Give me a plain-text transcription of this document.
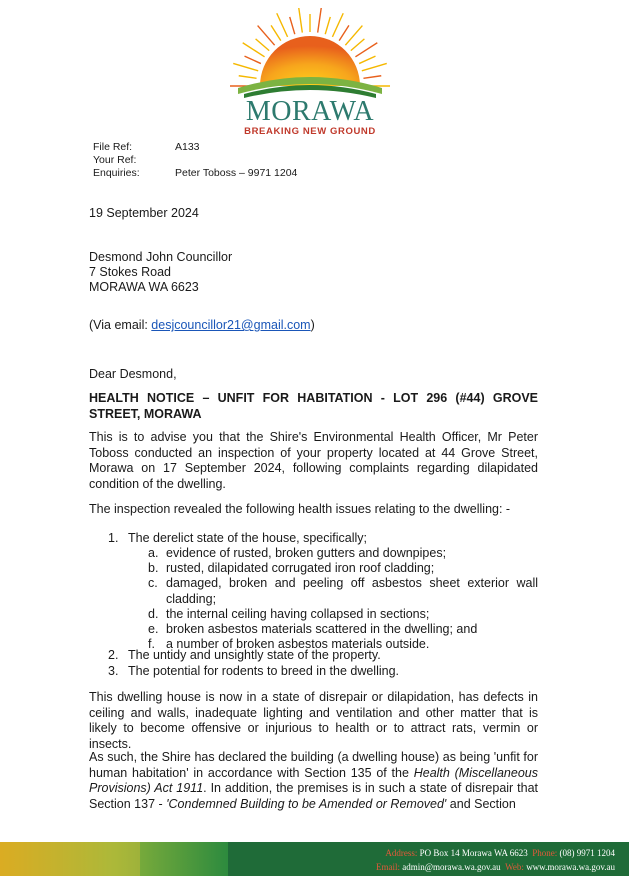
MORAWA
BREAKING NEW GROUND
File Ref:	A133
Your Ref:
Enquiries:	Peter Toboss – 9971 1204
19 September 2024
Desmond John Councillor
7 Stokes Road
MORAWA WA 6623
(Via email: desjcouncillor21@gmail.com)
Dear Desmond,
HEALTH NOTICE – UNFIT FOR HABITATION - LOT 296 (#44) GROVE STREET, MORAWA
This is to advise you that the Shire's Environmental Health Officer, Mr Peter Toboss conducted an inspection of your property located at 44 Grove Street, Morawa on 17 September 2024, following complaints regarding dilapidated condition of the dwelling.
The inspection revealed the following health issues relating to the dwelling: -
1. The derelict state of the house, specifically;
a. evidence of rusted, broken gutters and downpipes;
b. rusted, dilapidated corrugated iron roof cladding;
c. damaged, broken and peeling off asbestos sheet exterior wall cladding;
d. the internal ceiling having collapsed in sections;
e. broken asbestos materials scattered in the dwelling; and
f. a number of broken asbestos materials outside.
2. The untidy and unsightly state of the property.
3. The potential for rodents to breed in the dwelling.
This dwelling house is now in a state of disrepair or dilapidation, has defects in ceiling and walls, inadequate lighting and ventilation and other matter that is likely to become offensive or injurious to health or to attract rats, vermin or insects.
As such, the Shire has declared the building (a dwelling house) as being 'unfit for human habitation' in accordance with Section 135 of the Health (Miscellaneous Provisions) Act 1911. In addition, the premises is in such a state of disrepair that Section 137 - 'Condemned Building to be Amended or Removed' and Section
Address: PO Box 14 Morawa WA 6623 Phone: (08) 9971 1204
Email: admin@morawa.wa.gov.au Web: www.morawa.wa.gov.au
